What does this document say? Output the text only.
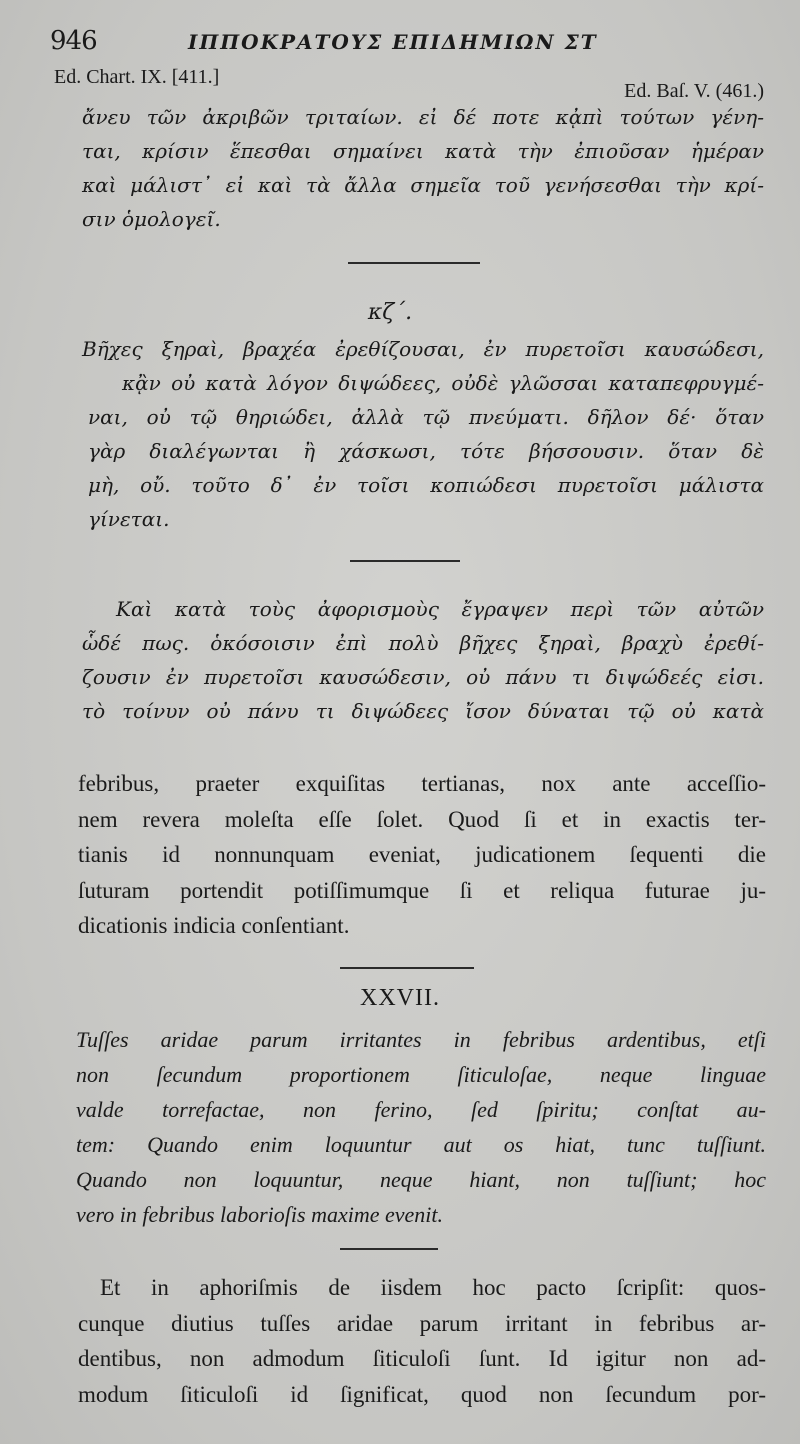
946	ΙΠΠΟΚΡΑΤΟΥΣ ΕΠΙΔΗΜΙΩΝ ΣΤ
Ed. Chart. IX. [411.]
Ed. Baſ. V. (461.)
ἄνευ τῶν ἀκριβῶν τριταίων. εἰ δέ ποτε κᾀπὶ τούτων γένη-
ται, κρίσιν ἕπεσθαι σημαίνει κατὰ τὴν ἐπιοῦσαν ἡμέραν
καὶ μάλιστ᾽ εἰ καὶ τὰ ἄλλα σημεῖα τοῦ γενήσεσθαι τὴν κρί-
σιν ὁμολογεῖ.
κζ΄.
Βῆχες ξηραὶ, βραχέα ἐρεθίζουσαι, ἐν πυρετοῖσι καυσώδεσι,
κᾂν οὐ κατὰ λόγον διψώδεες, οὐδὲ γλῶσσαι καταπεφρυγμέ-
ναι, οὐ τῷ θηριώδει, ἀλλὰ τῷ πνεύματι. δῆλον δέ· ὅταν
γὰρ διαλέγωνται ἢ χάσκωσι, τότε βήσσουσιν. ὅταν δὲ
μὴ, οὔ. τοῦτο δ᾽ ἐν τοῖσι κοπιώδεσι πυρετοῖσι μάλιστα
γίνεται.
Καὶ κατὰ τοὺς ἀφορισμοὺς ἔγραψεν περὶ τῶν αὐτῶν
ὧδέ πως. ὁκόσοισιν ἐπὶ πολὺ βῆχες ξηραὶ, βραχὺ ἐρεθί-
ζουσιν ἐν πυρετοῖσι καυσώδεσιν, οὐ πάνυ τι διψώδεές εἰσι.
τὸ τοίνυν οὐ πάνυ τι διψώδεες ἴσον δύναται τῷ οὐ κατὰ
febribus, praeter exquiſitas tertianas, nox ante acceſſio-
nem revera moleſta eſſe ſolet. Quod ſi et in exactis ter-
tianis id nonnunquam eveniat, judicationem ſequenti die
ſuturam portendit potiſſimumque ſi et reliqua futurae ju-
dicationis indicia conſentiant.
XXVII.
Tuſſes aridae parum irritantes in febribus ardentibus, etſi
non ſecundum proportionem ſiticuloſae, neque linguae
valde torrefactae, non ferino, ſed ſpiritu; conſtat au-
tem: Quando enim loquuntur aut os hiat, tunc tuſſiunt.
Quando non loquuntur, neque hiant, non tuſſiunt; hoc
vero in febribus laborioſis maxime evenit.
Et in aphoriſmis de iisdem hoc pacto ſcripſit: quos-
cunque diutius tuſſes aridae parum irritant in febribus ar-
dentibus, non admodum ſiticuloſi ſunt. Id igitur non ad-
modum ſiticuloſi id ſignificat, quod non ſecundum por-
